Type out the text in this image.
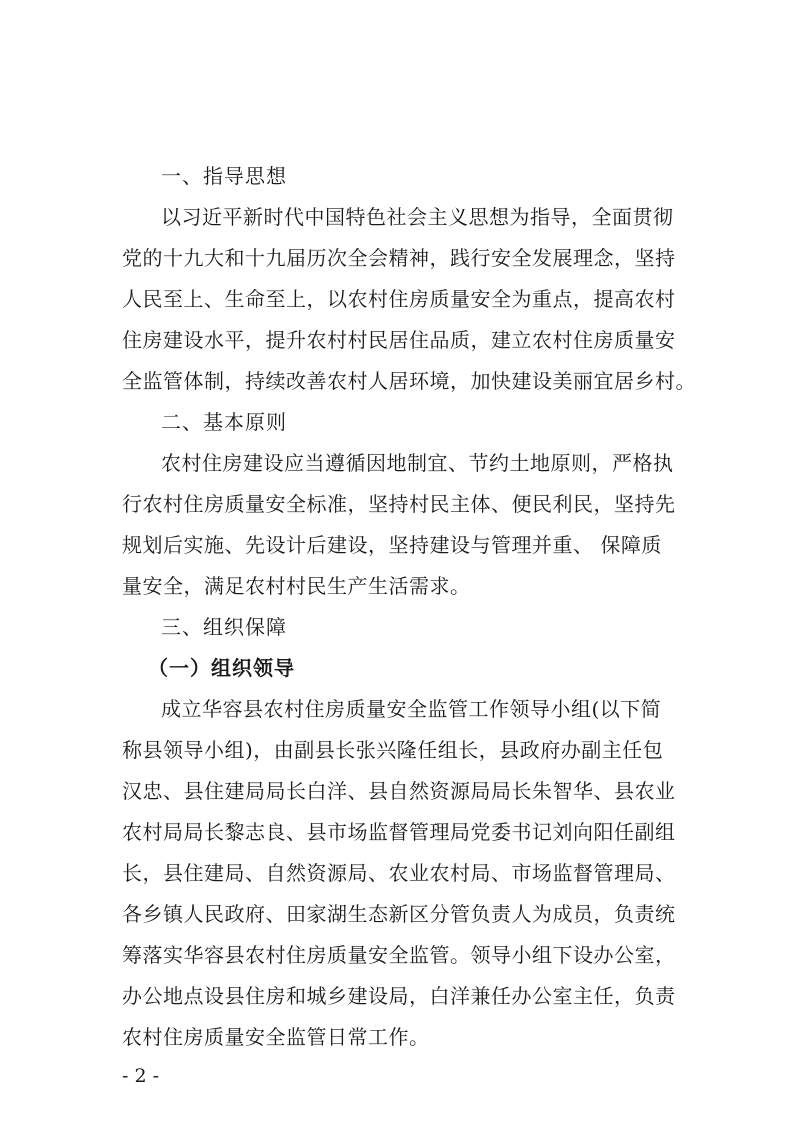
一、指导思想
以习近平新时代中国特色社会主义思想为指导，全面贯彻
党的十九大和十九届历次全会精神，践行安全发展理念，坚持
人民至上、生命至上，以农村住房质量安全为重点，提高农村
住房建设水平，提升农村村民居住品质，建立农村住房质量安
全监管体制，持续改善农村人居环境，加快建设美丽宜居乡村。
二、基本原则
农村住房建设应当遵循因地制宜、节约土地原则，严格执
行农村住房质量安全标准，坚持村民主体、便民利民，坚持先
规划后实施、先设计后建设，坚持建设与管理并重、 保障质
量安全，满足农村村民生产生活需求。
三、组织保障
（一）组织领导
成立华容县农村住房质量安全监管工作领导小组(以下简
称县领导小组)，由副县长张兴隆任组长，县政府办副主任包
汉忠、县住建局局长白洋、县自然资源局局长朱智华、县农业
农村局局长黎志良、县市场监督管理局党委书记刘向阳任副组
长，县住建局、自然资源局、农业农村局、市场监督管理局、
各乡镇人民政府、田家湖生态新区分管负责人为成员，负责统
筹落实华容县农村住房质量安全监管。领导小组下设办公室，
办公地点设县住房和城乡建设局，白洋兼任办公室主任，负责
农村住房质量安全监管日常工作。
- 2 -
